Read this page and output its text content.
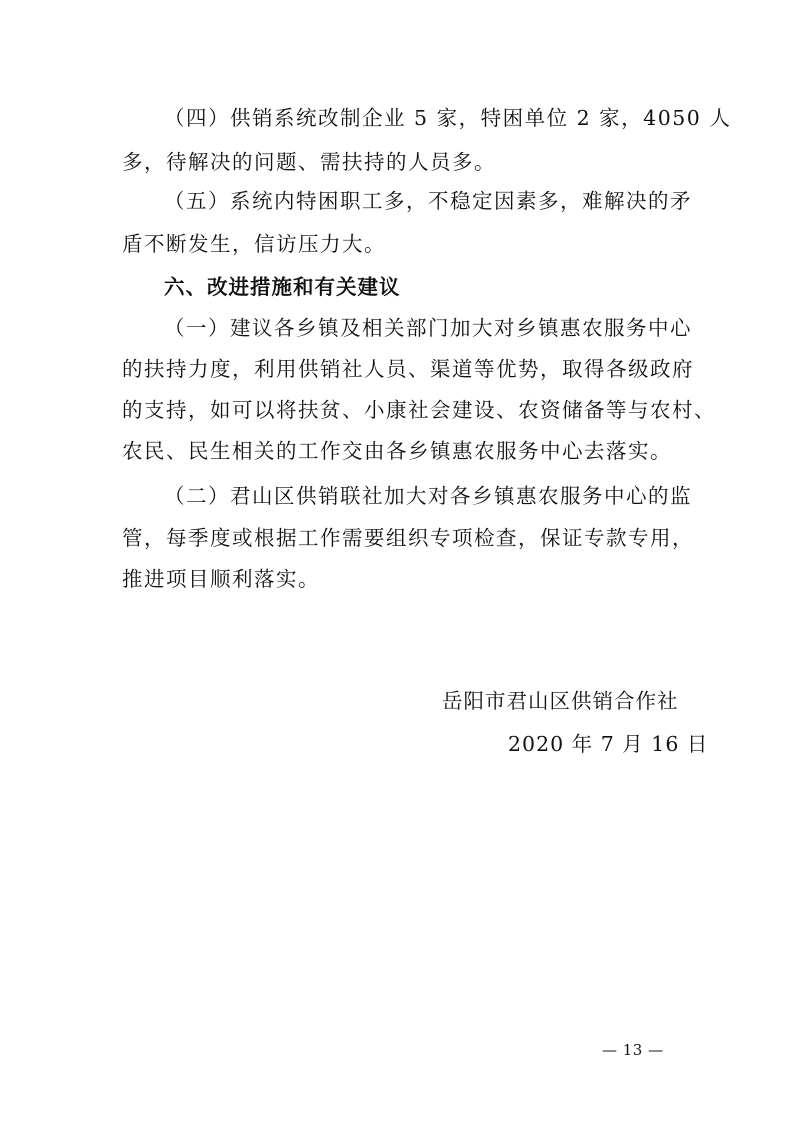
（四）供销系统改制企业 5 家，特困单位 2 家，4050 人
多，待解决的问题、需扶持的人员多。
（五）系统内特困职工多，不稳定因素多，难解决的矛
盾不断发生，信访压力大。
六、改进措施和有关建议
（一）建议各乡镇及相关部门加大对乡镇惠农服务中心
的扶持力度，利用供销社人员、渠道等优势，取得各级政府
的支持，如可以将扶贫、小康社会建设、农资储备等与农村、
农民、民生相关的工作交由各乡镇惠农服务中心去落实。
（二）君山区供销联社加大对各乡镇惠农服务中心的监
管，每季度或根据工作需要组织专项检查，保证专款专用，
推进项目顺利落实。
岳阳市君山区供销合作社
2020 年 7 月 16 日
— 13 —
